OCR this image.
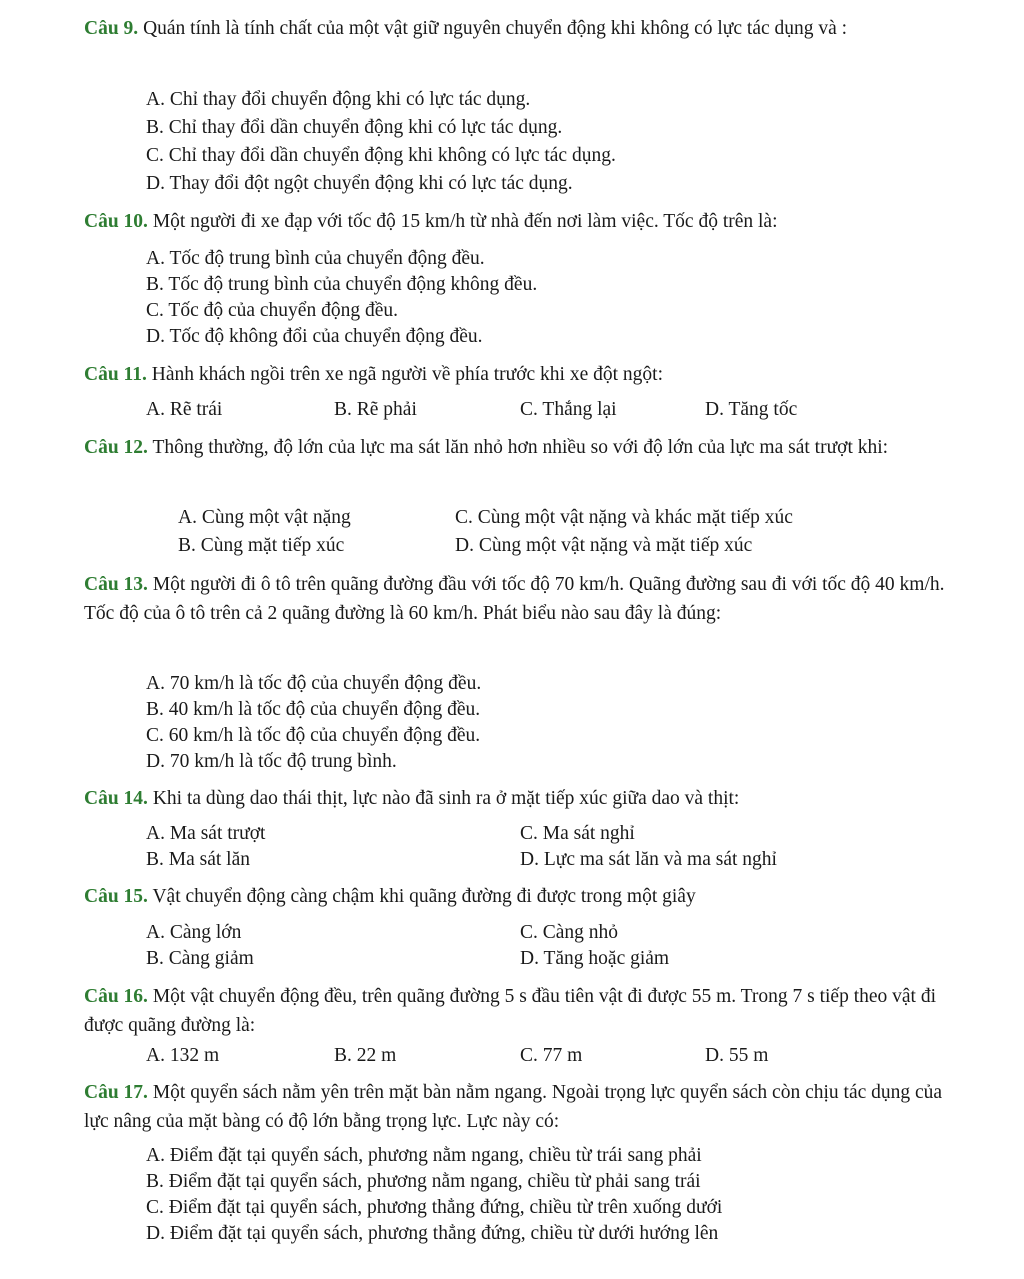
Câu 9. Quán tính là tính chất của một vật giữ nguyên chuyển động khi không có lực tác dụng và :
A. Chỉ thay đổi chuyển động khi có lực tác dụng.
B. Chỉ thay đổi dần chuyển động khi có lực tác dụng.
C. Chỉ thay đổi dần chuyển động khi không có lực tác dụng.
D. Thay đổi đột ngột chuyển động khi có lực tác dụng.
Câu 10. Một người đi xe đạp với tốc độ 15 km/h từ nhà đến nơi làm việc. Tốc độ trên là:
A. Tốc độ trung bình của chuyển động đều.
B. Tốc độ trung bình của chuyển động không đều.
C. Tốc độ của chuyển động đều.
D. Tốc độ không đổi của chuyển động đều.
Câu 11. Hành khách ngồi trên xe ngã người về phía trước khi xe đột ngột:
A. Rẽ trái	B. Rẽ phải	C. Thắng lại	D. Tăng tốc
Câu 12. Thông thường, độ lớn của lực ma sát lăn nhỏ hơn nhiều so với độ lớn của lực ma sát trượt khi:
A. Cùng một vật nặng	C. Cùng một vật nặng và khác mặt tiếp xúc
B. Cùng mặt tiếp xúc	D. Cùng một vật nặng và mặt tiếp xúc
Câu 13. Một người đi ô tô trên quãng đường đầu với tốc độ 70 km/h. Quãng đường sau đi với tốc độ 40 km/h. Tốc độ của ô tô trên cả 2 quãng đường là 60 km/h. Phát biểu nào sau đây là đúng:
A. 70 km/h là tốc độ của chuyển động đều.
B. 40 km/h là tốc độ của chuyển động đều.
C. 60 km/h là tốc độ của chuyển động đều.
D. 70 km/h là tốc độ trung bình.
Câu 14. Khi ta dùng dao thái thịt, lực nào đã sinh ra ở mặt tiếp xúc giữa dao và thịt:
A. Ma sát trượt	C. Ma sát nghỉ
B. Ma sát lăn	D. Lực ma sát lăn và ma sát nghỉ
Câu 15. Vật chuyển động càng chậm khi quãng đường đi được trong một giây
A. Càng lớn	C. Càng nhỏ
B. Càng giảm	D. Tăng hoặc giảm
Câu 16. Một vật chuyển động đều, trên quãng đường 5 s đầu tiên vật đi được 55 m. Trong 7 s tiếp theo vật đi được quãng đường là:
A. 132 m	B. 22 m	C. 77 m	D. 55 m
Câu 17. Một quyển sách nằm yên trên mặt bàn nằm ngang. Ngoài trọng lực quyển sách còn chịu tác dụng của lực nâng của mặt bàng có độ lớn bằng trọng lực. Lực này có:
A. Điểm đặt tại quyển sách, phương nằm ngang, chiều từ trái sang phải
B. Điểm đặt tại quyển sách, phương nằm ngang, chiều từ phải sang trái
C. Điểm đặt tại quyển sách, phương thẳng đứng, chiều từ trên xuống dưới
D. Điểm đặt tại quyển sách, phương thẳng đứng, chiều từ dưới hướng lên
